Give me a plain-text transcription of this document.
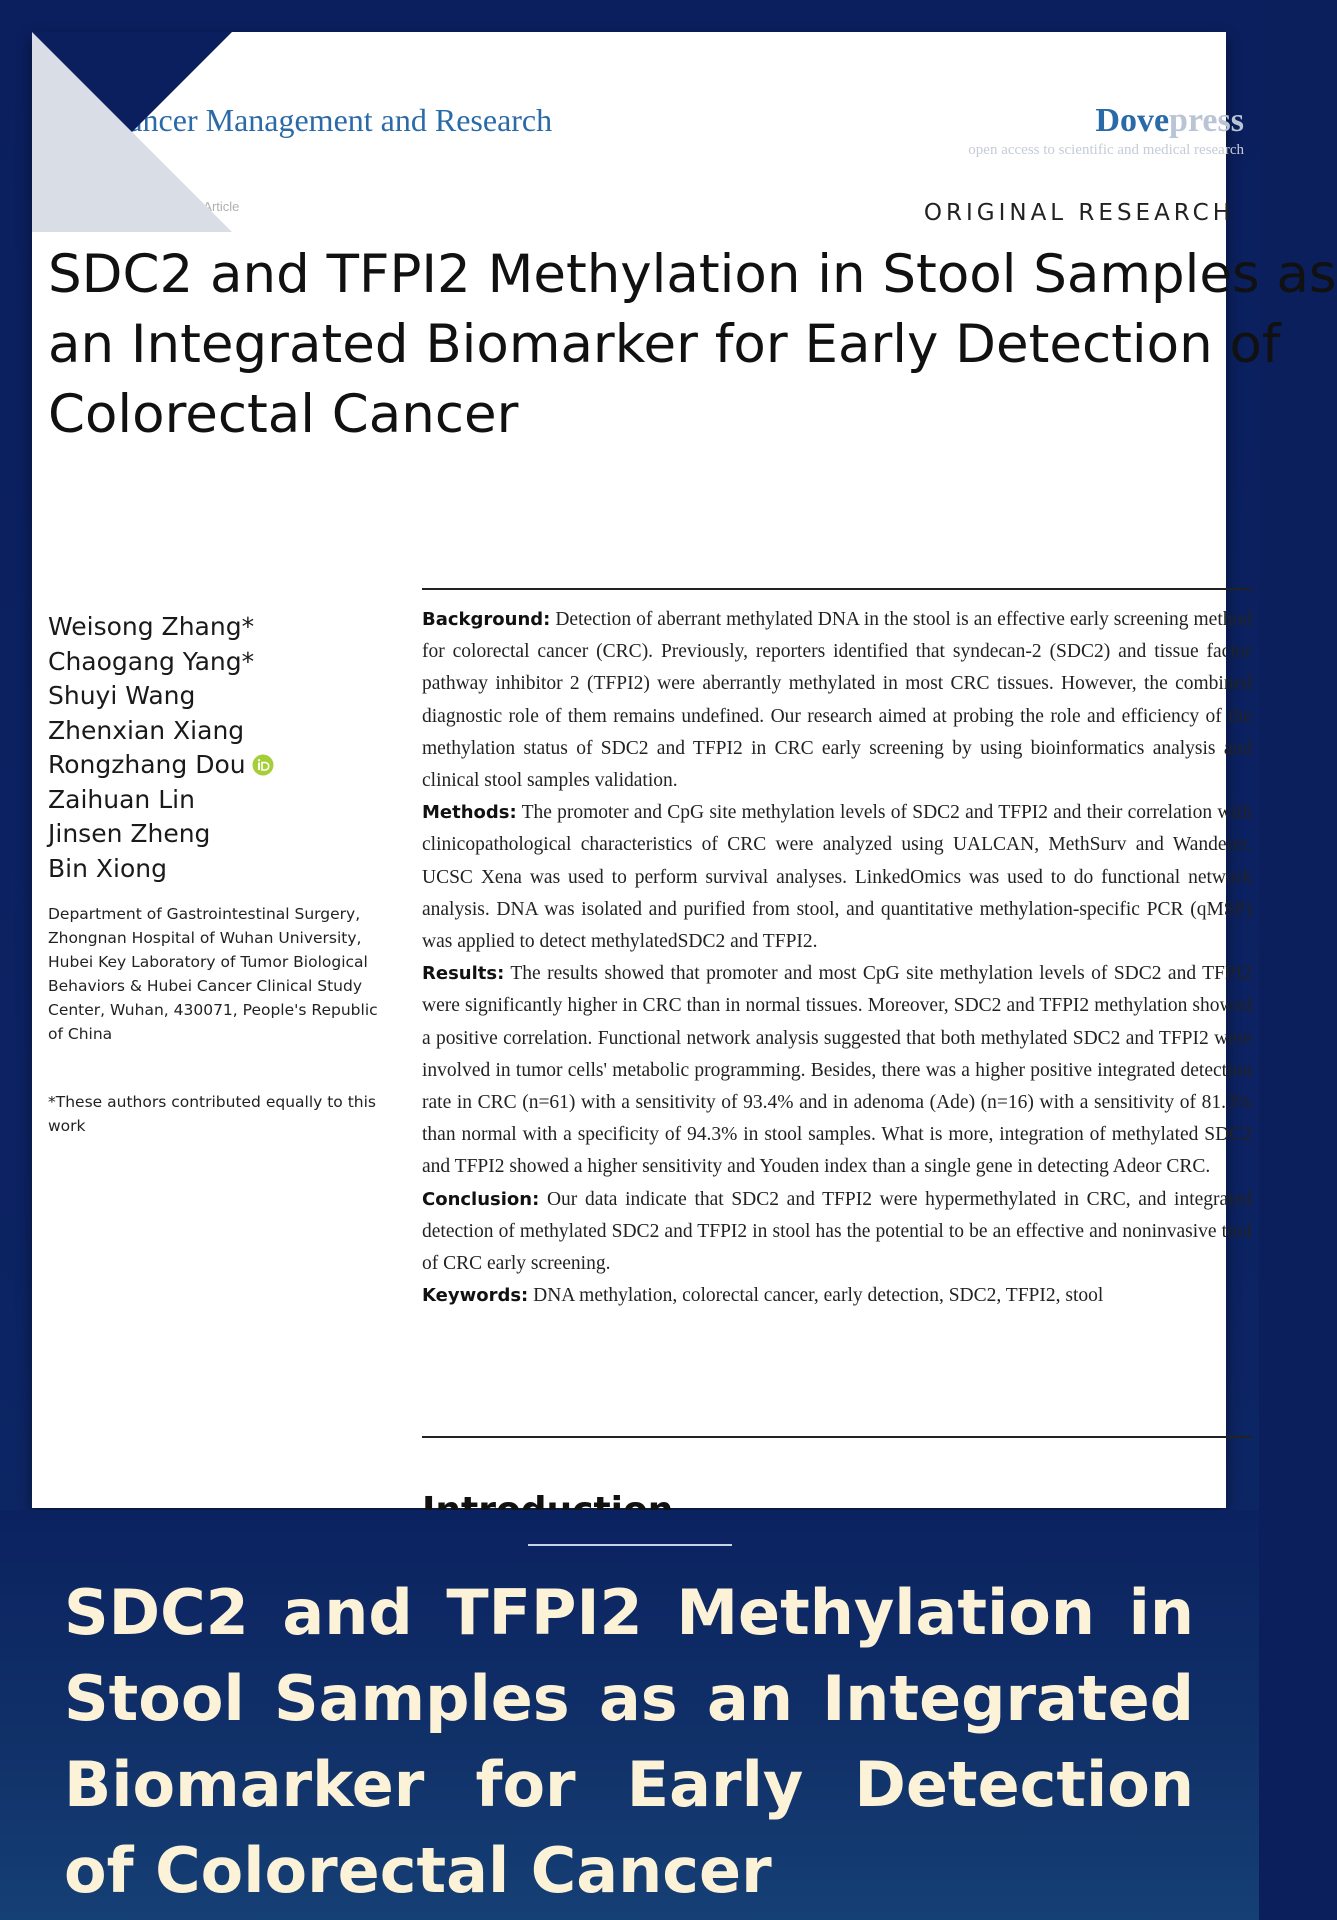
Cancer Management and Research	Dovepress
open access to scientific and medical research
Open Access Full Text Article	ORIGINAL RESEARCH
SDC2 and TFPI2 Methylation in Stool Samples as
an Integrated Biomarker for Early Detection of
Colorectal Cancer
Weisong Zhang*
Chaogang Yang*
Shuyi Wang
Zhenxian Xiang
Rongzhang Dou
Zaihuan Lin
Jinsen Zheng
Bin Xiong
Department of Gastrointestinal Surgery, Zhongnan Hospital of Wuhan University, Hubei Key Laboratory of Tumor Biological Behaviors & Hubei Cancer Clinical Study Center, Wuhan, 430071, People's Republic of China
*These authors contributed equally to this work

Background: Detection of aberrant methylated DNA in the stool is an effective early screening method for colorectal cancer (CRC). Previously, reporters identified that syndecan-2 (SDC2) and tissue factor pathway inhibitor 2 (TFPI2) were aberrantly methylated in most CRC tissues. However, the combined diagnostic role of them remains undefined. Our research aimed at probing the role and efficiency of the methylation status of SDC2 and TFPI2 in CRC early screening by using bioinformatics analysis and clinical stool samples validation.

Methods: The promoter and CpG site methylation levels of SDC2 and TFPI2 and their correlation with clinicopathological characteristics of CRC were analyzed using UALCAN, MethSurv and Wanderer. UCSC Xena was used to perform survival analyses. LinkedOmics was used to do functional network analysis. DNA was isolated and purified from stool, and quantitative methylation-specific PCR (qMSP) was applied to detect methylatedSDC2 and TFPI2.

Results: The results showed that promoter and most CpG site methylation levels of SDC2 and TFPI2 were significantly higher in CRC than in normal tissues. Moreover, SDC2 and TFPI2 methylation showed a positive correlation. Functional network analysis suggested that both methylated SDC2 and TFPI2 were involved in tumor cells' metabolic programming. Besides, there was a higher positive integrated detection rate in CRC (n=61) with a sensitivity of 93.4% and in adenoma (Ade) (n=16) with a sensitivity of 81.3% than normal with a specificity of 94.3% in stool samples. What is more, integration of methylated SDC2 and TFPI2 showed a higher sensitivity and Youden index than a single gene in detecting Adeor CRC.

Conclusion: Our data indicate that SDC2 and TFPI2 were hypermethylated in CRC, and integrated detection of methylated SDC2 and TFPI2 in stool has the potential to be an effective and noninvasive tool of CRC early screening.

Keywords: DNA methylation, colorectal cancer, early detection, SDC2, TFPI2, stool

SDC2 and TFPI2 Methylation in Stool Samples as an Integrated Biomarker for Early Detection of Colorectal Cancer
